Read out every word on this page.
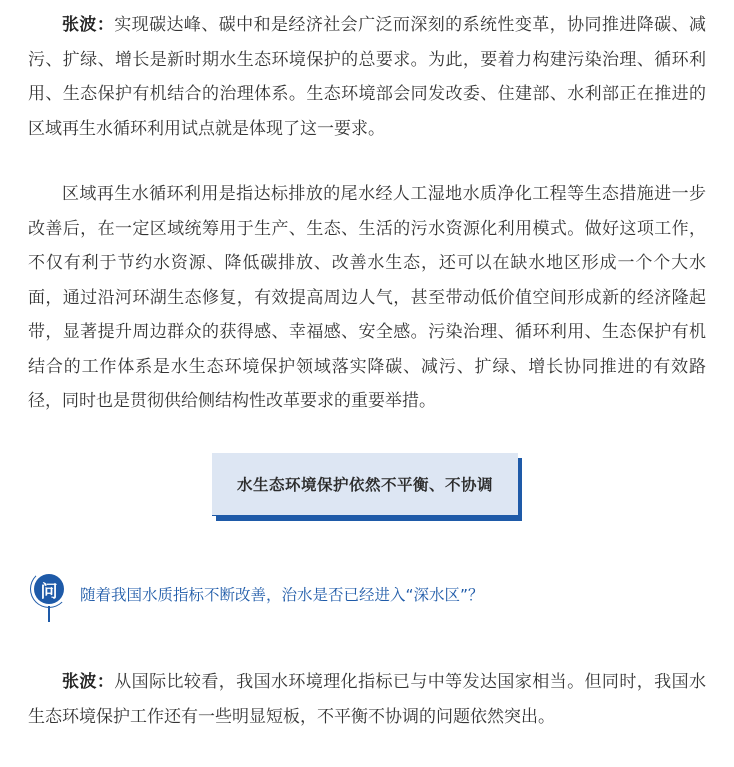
张波：实现碳达峰、碳中和是经济社会广泛而深刻的系统性变革，协同推进降碳、减污、扩绿、增长是新时期水生态环境保护的总要求。为此，要着力构建污染治理、循环利用、生态保护有机结合的治理体系。生态环境部会同发改委、住建部、水利部正在推进的区域再生水循环利用试点就是体现了这一要求。

区域再生水循环利用是指达标排放的尾水经人工湿地水质净化工程等生态措施进一步改善后，在一定区域统筹用于生产、生态、生活的污水资源化利用模式。做好这项工作，不仅有利于节约水资源、降低碳排放、改善水生态，还可以在缺水地区形成一个个大水面，通过沿河环湖生态修复，有效提高周边人气，甚至带动低价值空间形成新的经济隆起带，显著提升周边群众的获得感、幸福感、安全感。污染治理、循环利用、生态保护有机结合的工作体系是水生态环境保护领域落实降碳、减污、扩绿、增长协同推进的有效路径，同时也是贯彻供给侧结构性改革要求的重要举措。

水生态环境保护依然不平衡、不协调
问	随着我国水质指标不断改善，治水是否已经进入“深水区”？

张波：从国际比较看，我国水环境理化指标已与中等发达国家相当。但同时，我国水生态环境保护工作还有一些明显短板，不平衡不协调的问题依然突出。
